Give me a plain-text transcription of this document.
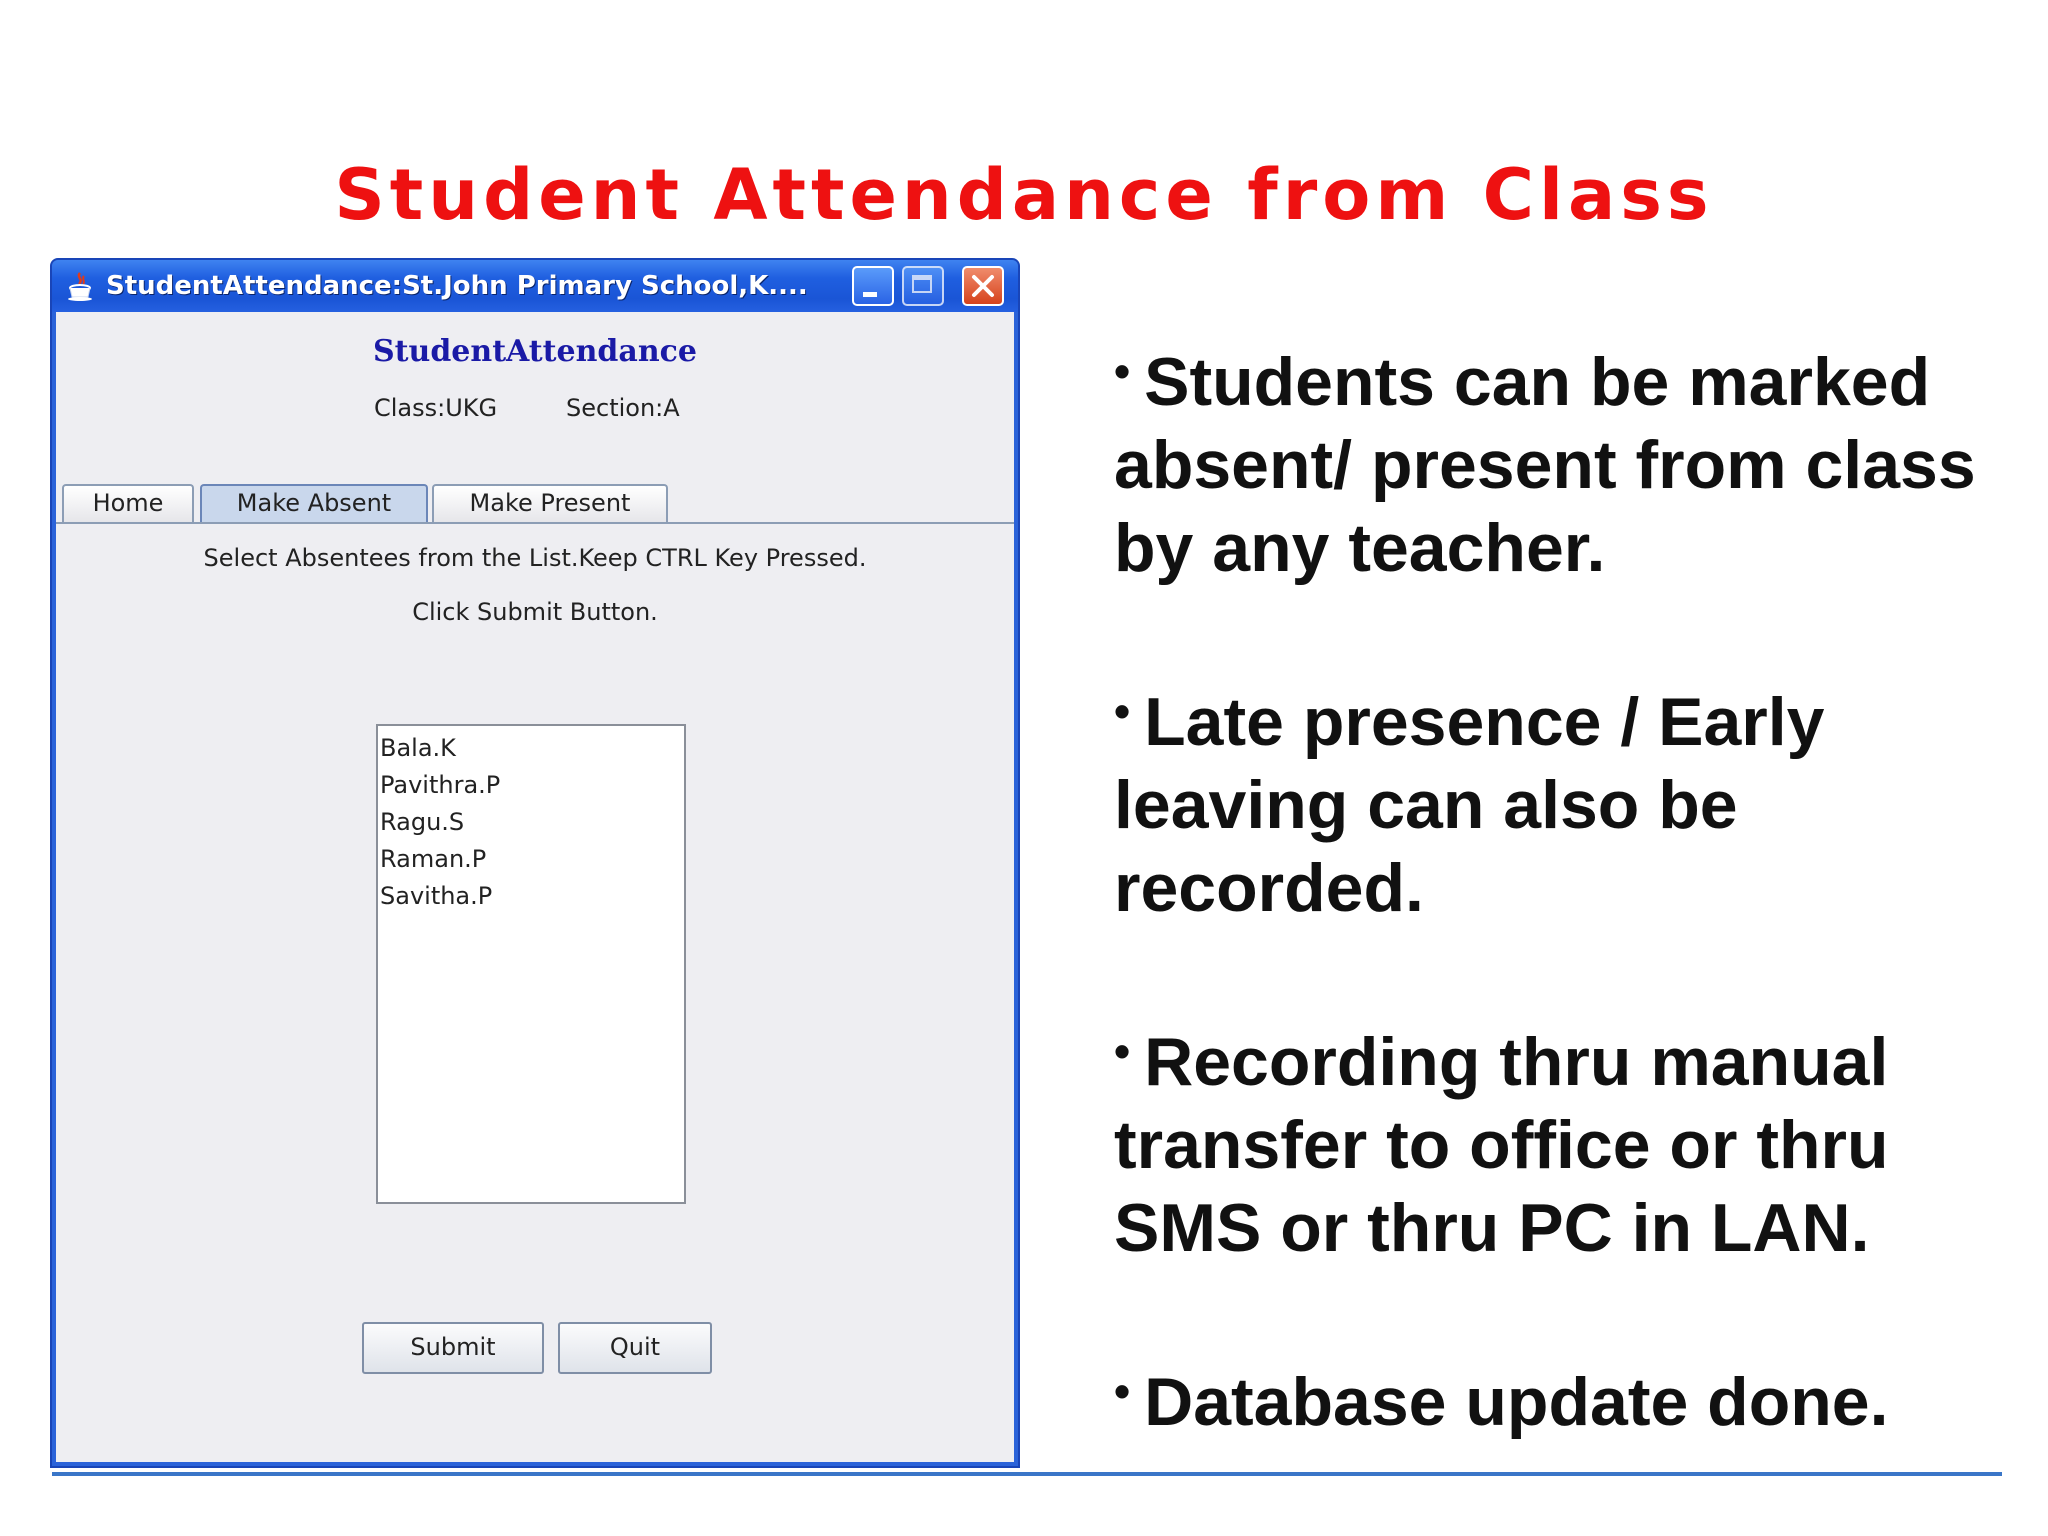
Student Attendance from Class
StudentAttendance:St.John Primary School,K....
StudentAttendance
Class:UKG	Section:A
Home	Make Absent	Make Present
Select Absentees from the List.Keep CTRL Key Pressed.
Click Submit Button.
Bala.K
Pavithra.P
Ragu.S
Raman.P
Savitha.P
Submit	Quit
• Students can be marked absent/ present from class by any teacher.
• Late presence / Early leaving can also be recorded.
• Recording thru manual transfer to office or thru SMS or thru PC in LAN.
• Database update done.
